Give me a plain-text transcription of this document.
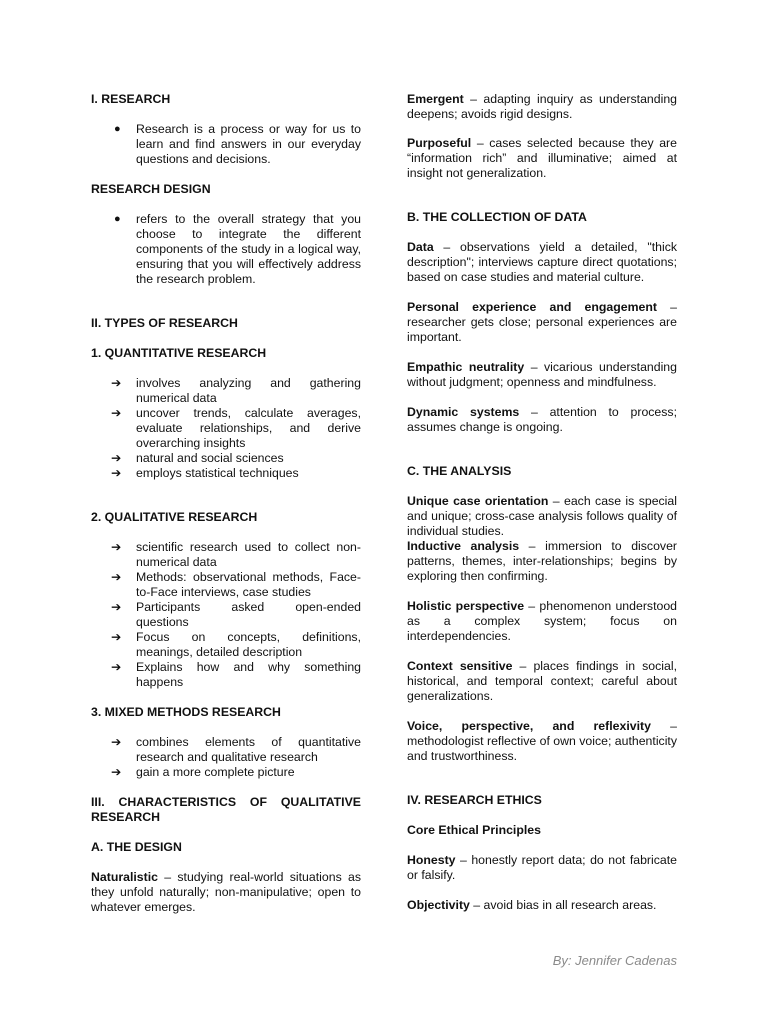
I. RESEARCH

● Research is a process or way for us to learn and find answers in our everyday questions and decisions.

RESEARCH DESIGN

● refers to the overall strategy that you choose to integrate the different components of the study in a logical way, ensuring that you will effectively address the research problem.

II. TYPES OF RESEARCH

1. QUANTITATIVE RESEARCH

➔ involves analyzing and gathering numerical data
➔ uncover trends, calculate averages, evaluate relationships, and derive overarching insights
➔ natural and social sciences
➔ employs statistical techniques

2. QUALITATIVE RESEARCH

➔ scientific research used to collect non-numerical data
➔ Methods: observational methods, Face-to-Face interviews, case studies
➔ Participants asked open-ended questions
➔ Focus on concepts, definitions, meanings, detailed description
➔ Explains how and why something happens

3. MIXED METHODS RESEARCH

➔ combines elements of quantitative research and qualitative research
➔ gain a more complete picture

III. CHARACTERISTICS OF QUALITATIVE RESEARCH

A. THE DESIGN

Naturalistic – studying real-world situations as they unfold naturally; non-manipulative; open to whatever emerges.

Emergent – adapting inquiry as understanding deepens; avoids rigid designs.

Purposeful – cases selected because they are “information rich” and illuminative; aimed at insight not generalization.

B. THE COLLECTION OF DATA

Data – observations yield a detailed, "thick description"; interviews capture direct quotations; based on case studies and material culture.

Personal experience and engagement – researcher gets close; personal experiences are important.

Empathic neutrality – vicarious understanding without judgment; openness and mindfulness.

Dynamic systems – attention to process; assumes change is ongoing.

C. THE ANALYSIS

Unique case orientation – each case is special and unique; cross-case analysis follows quality of individual studies.

Inductive analysis – immersion to discover patterns, themes, inter-relationships; begins by exploring then confirming.

Holistic perspective – phenomenon understood as a complex system; focus on interdependencies.

Context sensitive – places findings in social, historical, and temporal context; careful about generalizations.

Voice, perspective, and reflexivity – methodologist reflective of own voice; authenticity and trustworthiness.

IV. RESEARCH ETHICS

Core Ethical Principles

Honesty – honestly report data; do not fabricate or falsify.

Objectivity – avoid bias in all research areas.

By: Jennifer Cadenas
